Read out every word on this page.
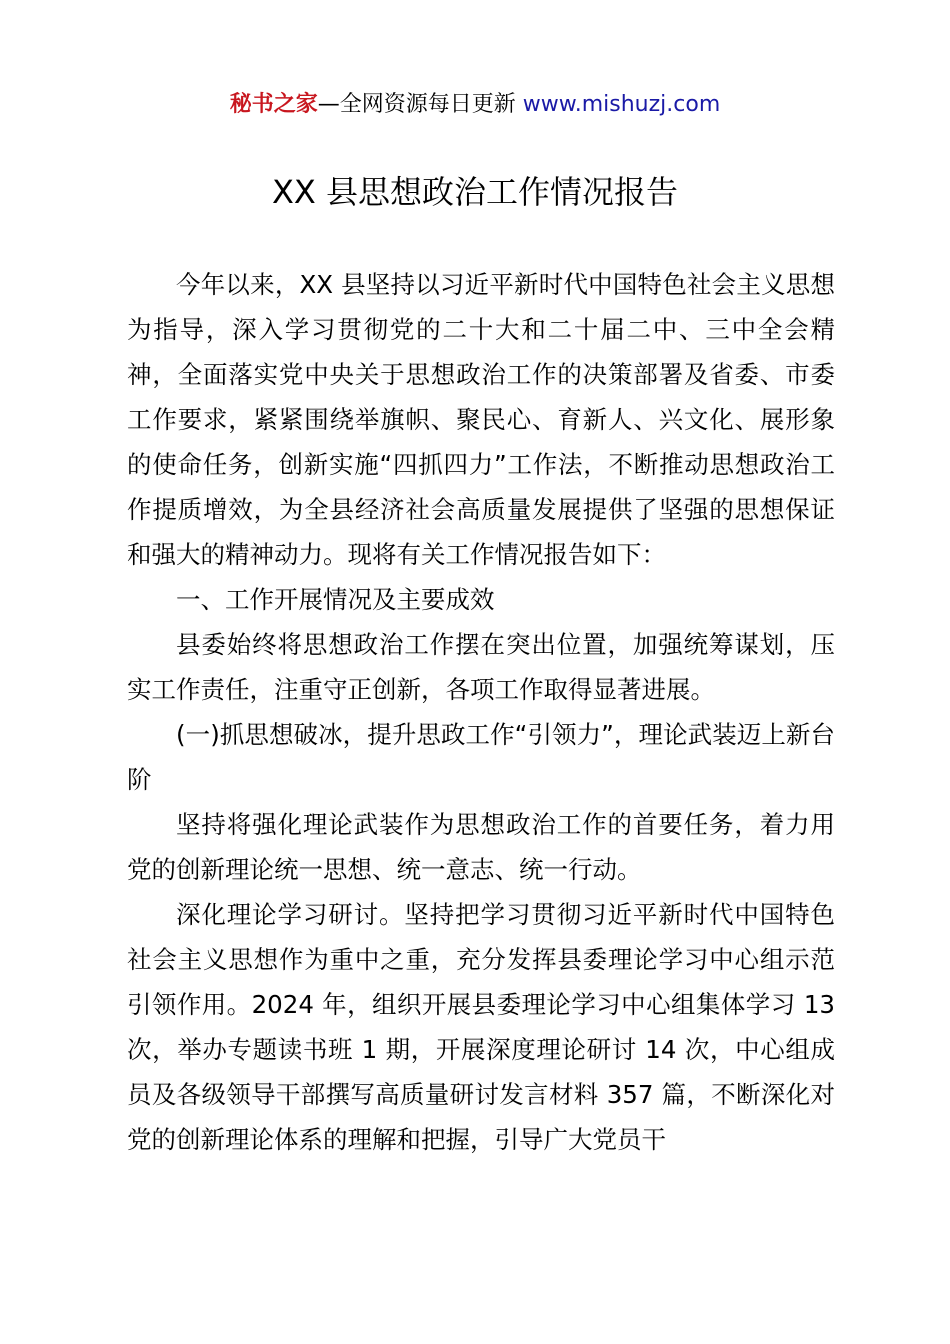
秘书之家—全网资源每日更新 www.mishuzj.com
XX 县思想政治工作情况报告

今年以来，XX 县坚持以习近平新时代中国特色社会主义思想为指导，深入学习贯彻党的二十大和二十届二中、三中全会精神，全面落实党中央关于思想政治工作的决策部署及省委、市委工作要求，紧紧围绕举旗帜、聚民心、育新人、兴文化、展形象的使命任务，创新实施“四抓四力”工作法，不断推动思想政治工作提质增效，为全县经济社会高质量发展提供了坚强的思想保证和强大的精神动力。现将有关工作情况报告如下：

一、工作开展情况及主要成效

县委始终将思想政治工作摆在突出位置，加强统筹谋划，压实工作责任，注重守正创新，各项工作取得显著进展。

(一)抓思想破冰，提升思政工作“引领力”，理论武装迈上新台阶

坚持将强化理论武装作为思想政治工作的首要任务，着力用党的创新理论统一思想、统一意志、统一行动。

深化理论学习研讨。坚持把学习贯彻习近平新时代中国特色社会主义思想作为重中之重，充分发挥县委理论学习中心组示范引领作用。2024 年，组织开展县委理论学习中心组集体学习 13 次，举办专题读书班 1 期，开展深度理论研讨 14 次，中心组成员及各级领导干部撰写高质量研讨发言材料 357 篇，不断深化对党的创新理论体系的理解和把握，引导广大党员干
